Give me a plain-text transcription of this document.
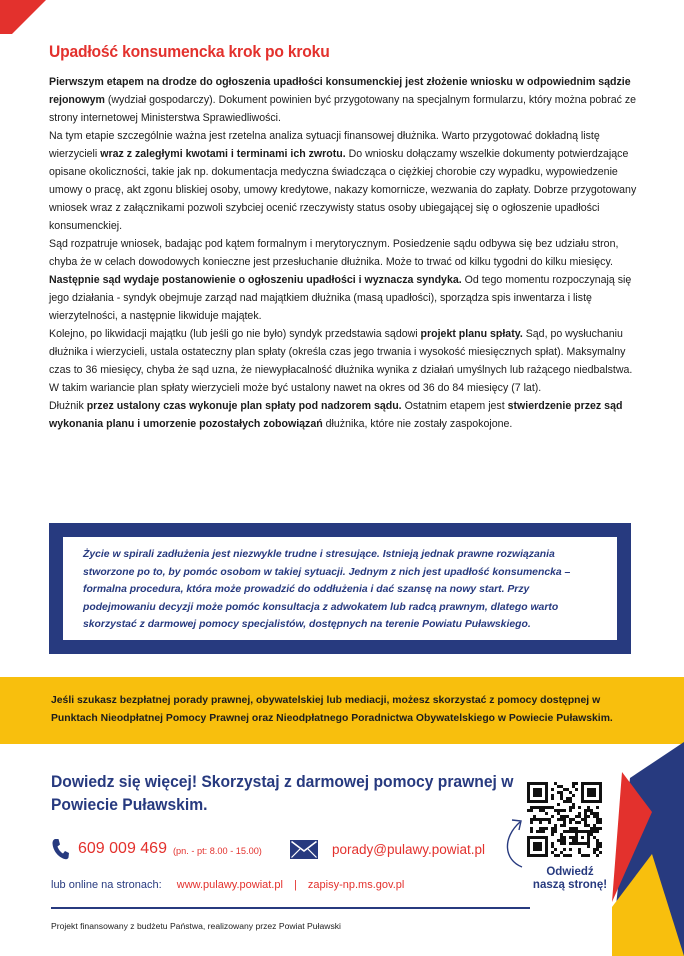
Upadłość konsumencka krok po kroku

Pierwszym etapem na drodze do ogłoszenia upadłości konsumenckiej jest złożenie wniosku w odpowiednim sądzie rejonowym (wydział gospodarczy). Dokument powinien być przygotowany na specjalnym formularzu, który można pobrać ze strony internetowej Ministerstwa Sprawiedliwości.

Na tym etapie szczególnie ważna jest rzetelna analiza sytuacji finansowej dłużnika. Warto przygotować dokładną listę wierzycieli wraz z zaległymi kwotami i terminami ich zwrotu. Do wniosku dołączamy wszelkie dokumenty potwierdzające opisane okoliczności, takie jak np. dokumentacja medyczna świadcząca o ciężkiej chorobie czy wypadku, wypowiedzenie umowy o pracę, akt zgonu bliskiej osoby, umowy kredytowe, nakazy komornicze, wezwania do zapłaty. Dobrze przygotowany wniosek wraz z załącznikami pozwoli szybciej ocenić rzeczywisty status osoby ubiegającej się o ogłoszenie upadłości konsumenckiej.

Sąd rozpatruje wniosek, badając pod kątem formalnym i merytorycznym. Posiedzenie sądu odbywa się bez udziału stron, chyba że w celach dowodowych konieczne jest przesłuchanie dłużnika. Może to trwać od kilku tygodni do kilku miesięcy.

Następnie sąd wydaje postanowienie o ogłoszeniu upadłości i wyznacza syndyka. Od tego momentu rozpoczynają się jego działania - syndyk obejmuje zarząd nad majątkiem dłużnika (masą upadłości), sporządza spis inwentarza i listę wierzytelności, a następnie likwiduje majątek.

Kolejno, po likwidacji majątku (lub jeśli go nie było) syndyk przedstawia sądowi projekt planu spłaty. Sąd, po wysłuchaniu dłużnika i wierzycieli, ustala ostateczny plan spłaty (określa czas jego trwania i wysokość miesięcznych spłat). Maksymalny czas to 36 miesięcy, chyba że sąd uzna, że niewypłacalność dłużnika wynika z działań umyślnych lub rażącego niedbalstwa. W takim wariancie plan spłaty wierzycieli może być ustalony nawet na okres od 36 do 84 miesięcy (7 lat).

Dłużnik przez ustalony czas wykonuje plan spłaty pod nadzorem sądu. Ostatnim etapem jest stwierdzenie przez sąd wykonania planu i umorzenie pozostałych zobowiązań dłużnika, które nie zostały zaspokojone.

Życie w spirali zadłużenia jest niezwykle trudne i stresujące. Istnieją jednak prawne rozwiązania stworzone po to, by pomóc osobom w takiej sytuacji. Jednym z nich jest upadłość konsumencka – formalna procedura, która może prowadzić do oddłużenia i dać szansę na nowy start. Przy podejmowaniu decyzji może pomóc konsultacja z adwokatem lub radcą prawnym, dlatego warto skorzystać z darmowej pomocy specjalistów, dostępnych na terenie Powiatu Puławskiego.
Jeśli szukasz bezpłatnej porady prawnej, obywatelskiej lub mediacji, możesz skorzystać z pomocy dostępnej w Punktach Nieodpłatnej Pomocy Prawnej oraz Nieodpłatnego Poradnictwa Obywatelskiego w Powiecie Puławskim.
Dowiedz się więcej! Skorzystaj z darmowej pomocy prawnej w Powiecie Puławskim.
609 009 469 (pn. - pt: 8.00 - 15.00)	porady@pulawy.powiat.pl
lub online na stronach: www.pulawy.powiat.pl | zapisy-np.ms.gov.pl
Projekt finansowany z budżetu Państwa, realizowany przez Powiat Puławski
Odwiedź
naszą stronę!
